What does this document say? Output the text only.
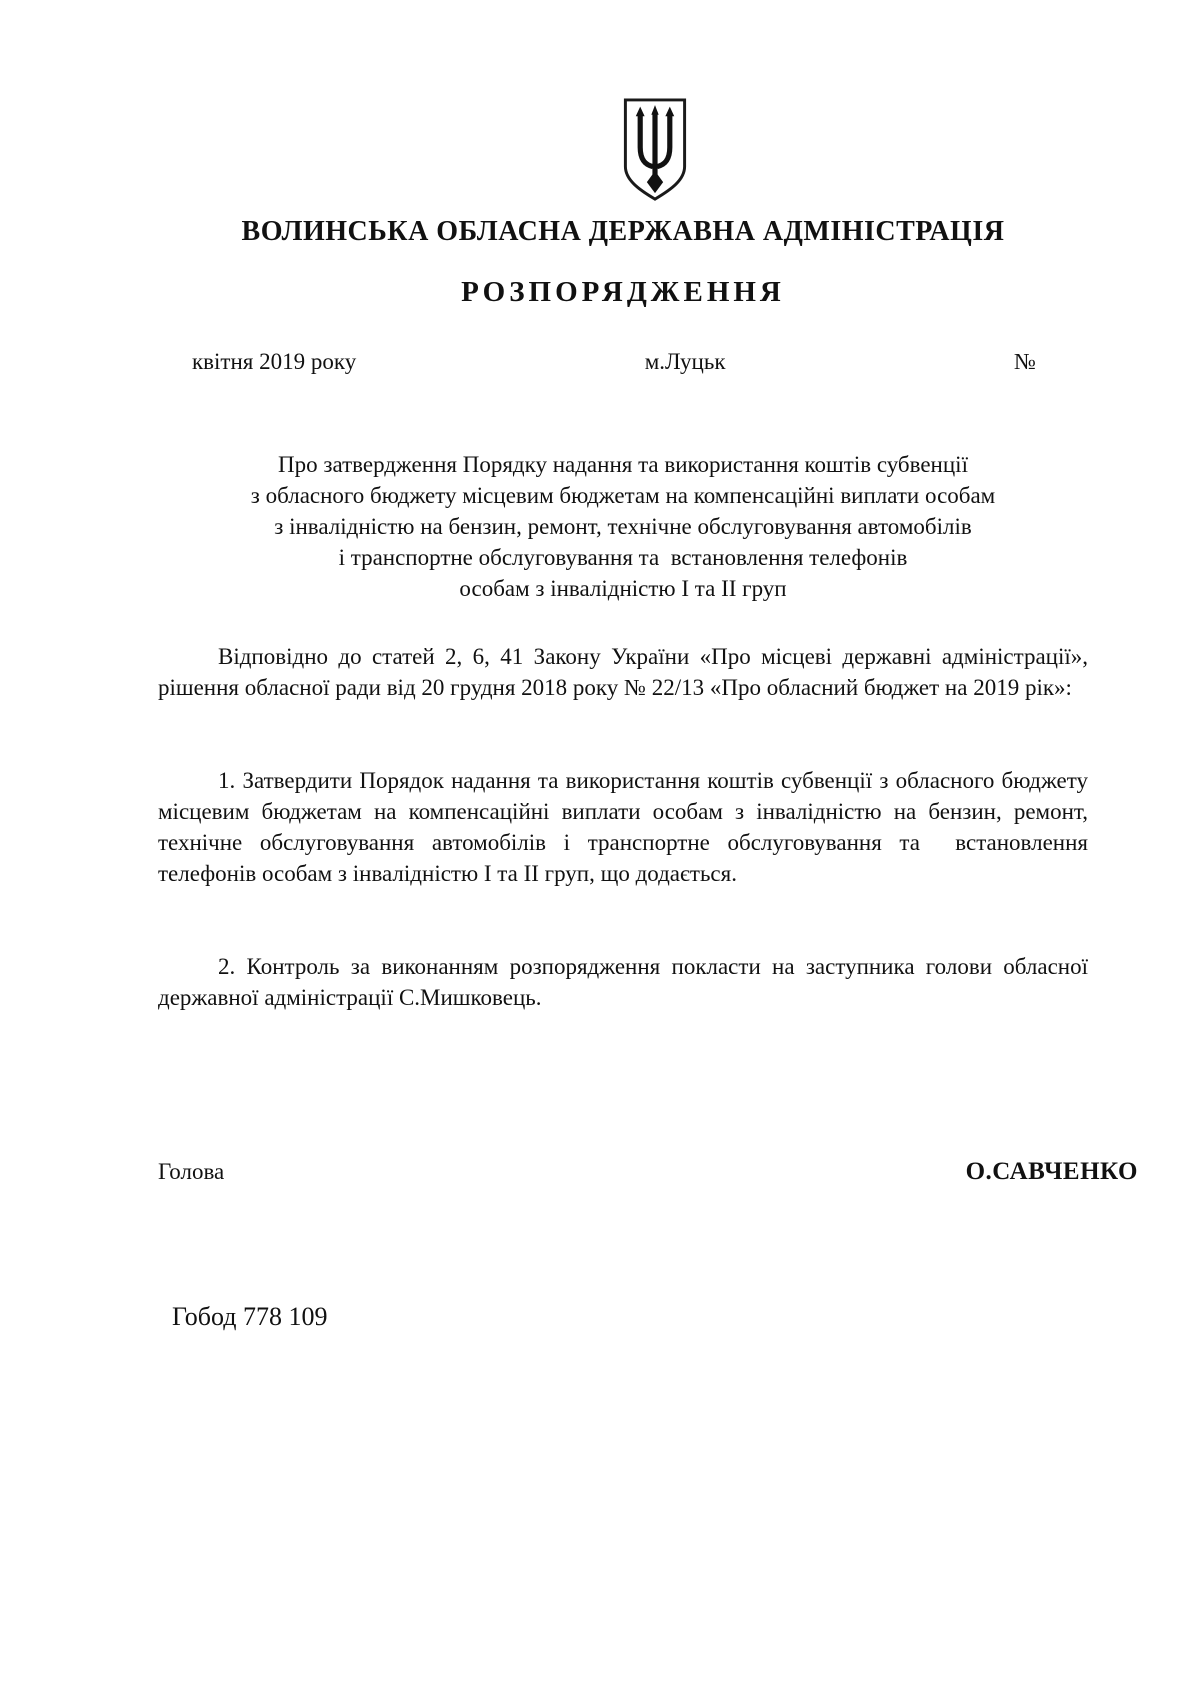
ВОЛИНСЬКА ОБЛАСНА ДЕРЖАВНА АДМІНІСТРАЦІЯ
РОЗПОРЯДЖЕННЯ
квітня 2019 року	м.Луцьк	№
Про затвердження Порядку надання та використання коштів субвенції
з обласного бюджету місцевим бюджетам на компенсаційні виплати особам
з інвалідністю на бензин, ремонт, технічне обслуговування автомобілів
і транспортне обслуговування та  встановлення телефонів
особам з інвалідністю І та ІІ груп
Відповідно до статей 2, 6, 41 Закону України «Про місцеві державні адміністрації», рішення обласної ради від 20 грудня 2018 року № 22/13 «Про обласний бюджет на 2019 рік»:
1. Затвердити Порядок надання та використання коштів субвенції з обласного бюджету місцевим бюджетам на компенсаційні виплати особам з інвалідністю на бензин, ремонт, технічне обслуговування автомобілів і транспортне обслуговування та  встановлення телефонів особам з інвалідністю І та ІІ груп, що додається.
2. Контроль за виконанням розпорядження покласти на заступника голови обласної державної адміністрації С.Мишковець.
Голова	О.САВЧЕНКО
Гобод 778 109
